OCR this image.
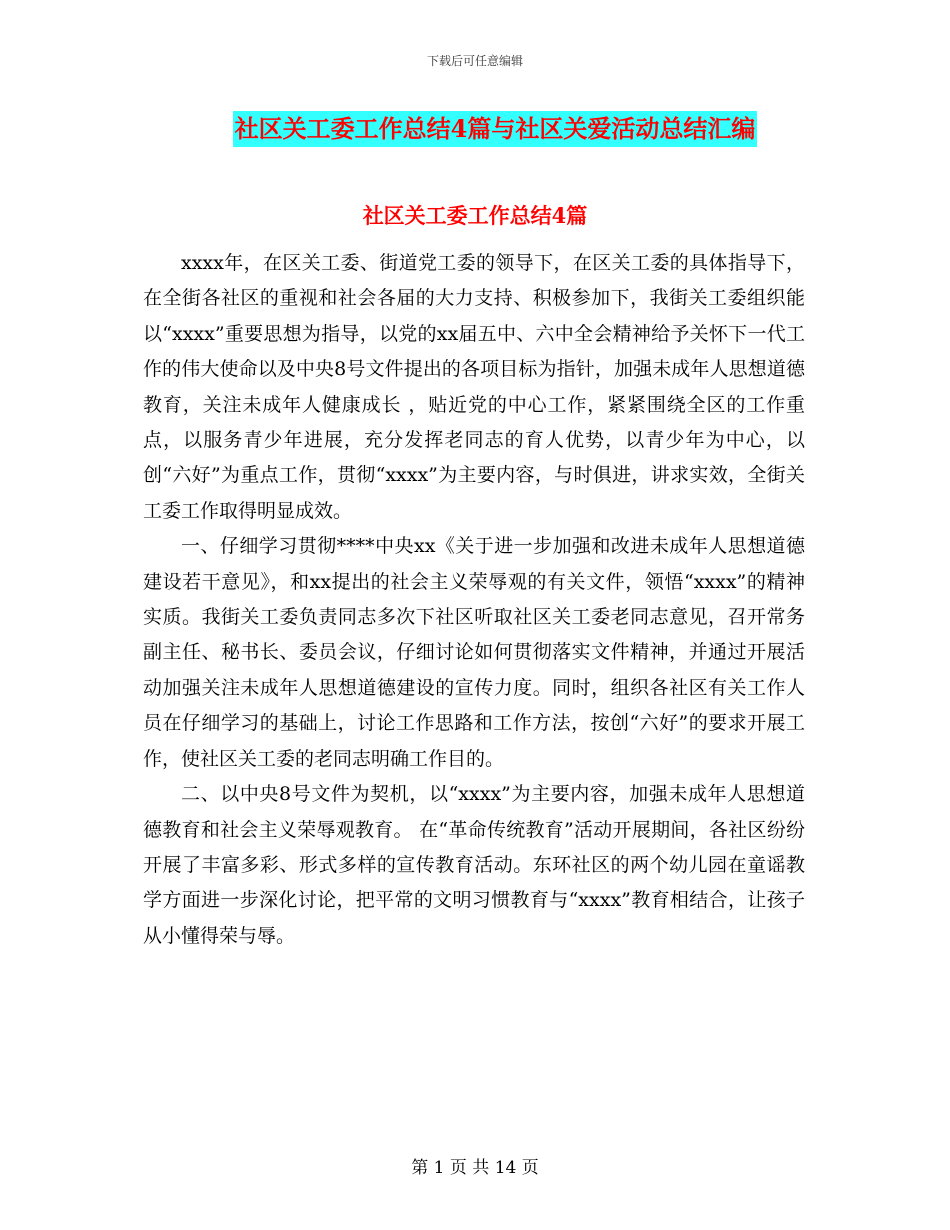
下载后可任意编辑
社区关工委工作总结4篇与社区关爱活动总结汇编
社区关工委工作总结4篇

xxxx年，在区关工委、街道党工委的领导下，在区关工委的具体指导下，在全街各社区的重视和社会各届的大力支持、积极参加下，我街关工委组织能以“xxxx”重要思想为指导，以党的xx届五中、六中全会精神给予关怀下一代工作的伟大使命以及中央8号文件提出的各项目标为指针，加强未成年人思想道德教育，关注未成年人健康成长 ，贴近党的中心工作，紧紧围绕全区的工作重点，以服务青少年进展，充分发挥老同志的育人优势，以青少年为中心，以创“六好”为重点工作，贯彻“xxxx”为主要内容，与时俱进，讲求实效，全街关工委工作取得明显成效。

一、仔细学习贯彻****中央xx《关于进一步加强和改进未成年人思想道德建设若干意见》，和xx提出的社会主义荣辱观的有关文件，领悟“xxxx”的精神实质。我街关工委负责同志多次下社区听取社区关工委老同志意见，召开常务副主任、秘书长、委员会议，仔细讨论如何贯彻落实文件精神，并通过开展活动加强关注未成年人思想道德建设的宣传力度。同时，组织各社区有关工作人员在仔细学习的基础上，讨论工作思路和工作方法，按创“六好”的要求开展工作，使社区关工委的老同志明确工作目的。

二、以中央8号文件为契机，以“xxxx”为主要内容，加强未成年人思想道德教育和社会主义荣辱观教育。 在“革命传统教育”活动开展期间，各社区纷纷开展了丰富多彩、形式多样的宣传教育活动。东环社区的两个幼儿园在童谣教学方面进一步深化讨论，把平常的文明习惯教育与“xxxx”教育相结合，让孩子从小懂得荣与辱。

第 1 页 共 14 页
